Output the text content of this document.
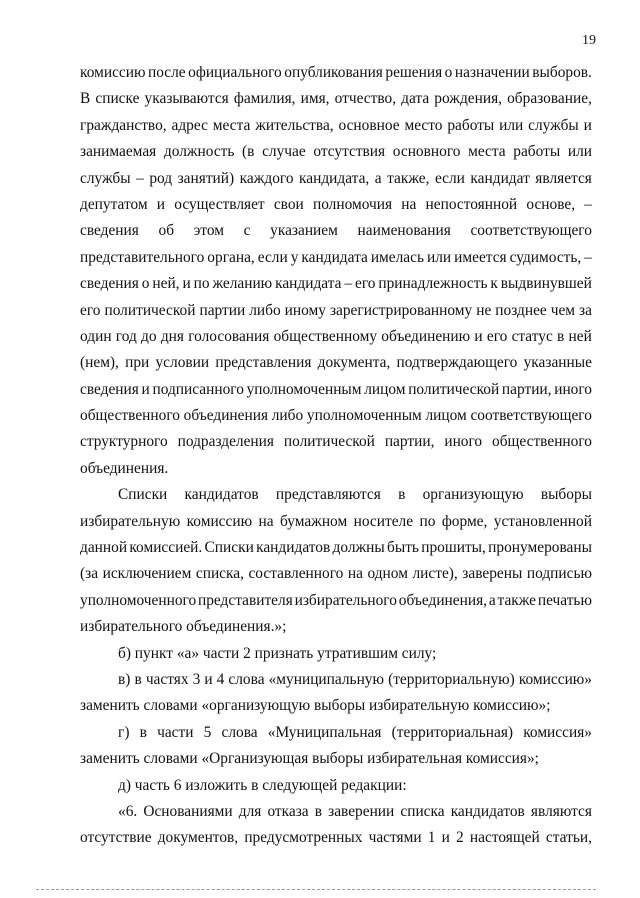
19
комиссию после официального опубликования решения о назначении выборов.
В списке указываются фамилия, имя, отчество, дата рождения, образование,
гражданство, адрес места жительства, основное место работы или службы и
занимаемая должность (в случае отсутствия основного места работы или
службы – род занятий) каждого кандидата, а также, если кандидат является
депутатом и осуществляет свои полномочия на непостоянной основе, –
сведения об этом с указанием наименования соответствующего
представительного органа, если у кандидата имелась или имеется судимость, –
сведения о ней, и по желанию кандидата – его принадлежность к выдвинувшей
его политической партии либо иному зарегистрированному не позднее чем за
один год до дня голосования общественному объединению и его статус в ней
(нем), при условии представления документа, подтверждающего указанные
сведения и подписанного уполномоченным лицом политической партии, иного
общественного объединения либо уполномоченным лицом соответствующего
структурного подразделения политической партии, иного общественного
объединения.
Списки кандидатов представляются в организующую выборы
избирательную комиссию на бумажном носителе по форме, установленной
данной комиссией. Списки кандидатов должны быть прошиты, пронумерованы
(за исключением списка, составленного на одном листе), заверены подписью
уполномоченного представителя избирательного объединения, а также печатью
избирательного объединения.»;
б) пункт «а» части 2 признать утратившим силу;
в) в частях 3 и 4 слова «муниципальную (территориальную) комиссию»
заменить словами «организующую выборы избирательную комиссию»;
г) в части 5 слова «Муниципальная (территориальная) комиссия»
заменить словами «Организующая выборы избирательная комиссия»;
д) часть 6 изложить в следующей редакции:
«6. Основаниями для отказа в заверении списка кандидатов являются
отсутствие документов, предусмотренных частями 1 и 2 настоящей статьи,
